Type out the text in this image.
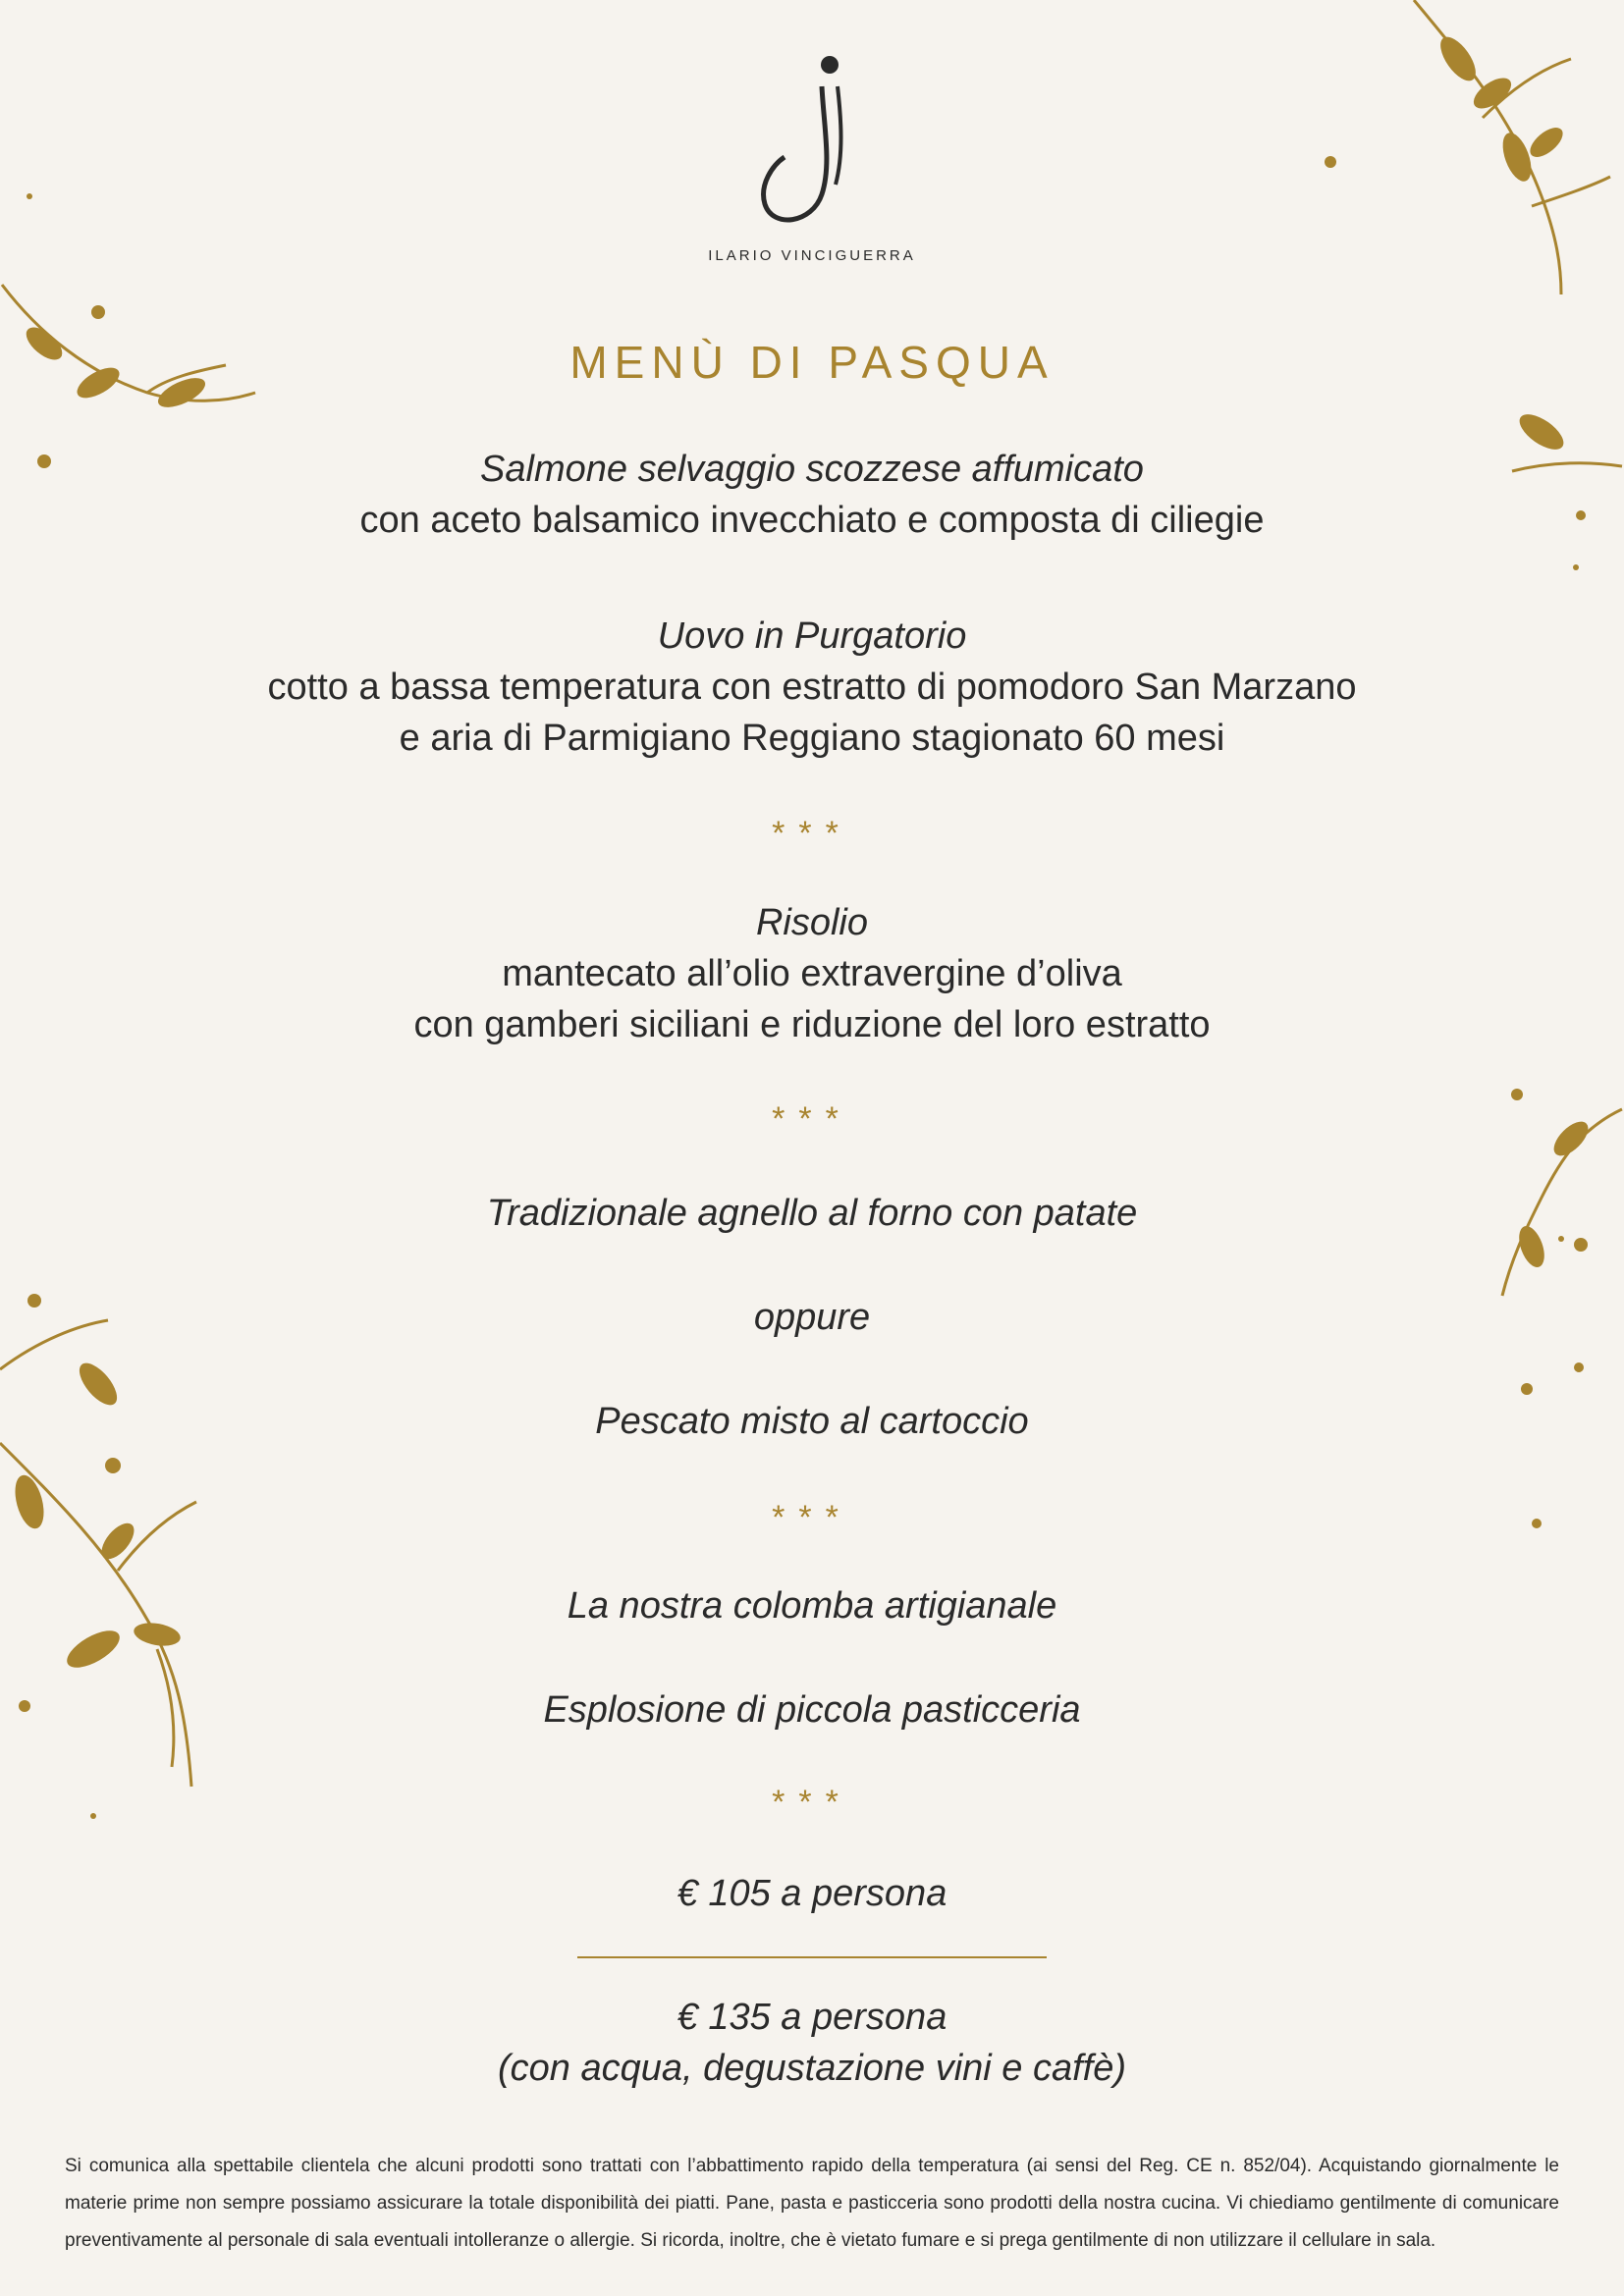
ILARIO VINCIGUERRA
MENÙ DI PASQUA
Salmone selvaggio scozzese affumicato
con aceto balsamico invecchiato e composta di ciliegie
Uovo in Purgatorio
cotto a bassa temperatura con estratto di pomodoro San Marzano
e aria di Parmigiano Reggiano stagionato 60 mesi
***
Risolio
mantecato all’olio extravergine d’oliva
con gamberi siciliani e riduzione del loro estratto
***
Tradizionale agnello al forno con patate
oppure
Pescato misto al cartoccio
***
La nostra colomba artigianale
Esplosione di piccola pasticceria
***
€ 105 a persona
€ 135 a persona
(con acqua, degustazione vini e caffè)
Si comunica alla spettabile clientela che alcuni prodotti sono trattati con l’abbattimento rapido della temperatura (ai sensi del Reg. CE n. 852/04). Acquistando giornalmente le materie prime non sempre possiamo assicurare la totale disponibilità dei piatti. Pane, pasta e pasticceria sono prodotti della nostra cucina. Vi chiediamo gentilmente di comunicare preventivamente al personale di sala eventuali intolleranze o allergie. Si ricorda, inoltre, che è vietato fumare e si prega gentilmente di non utilizzare il cellulare in sala.
